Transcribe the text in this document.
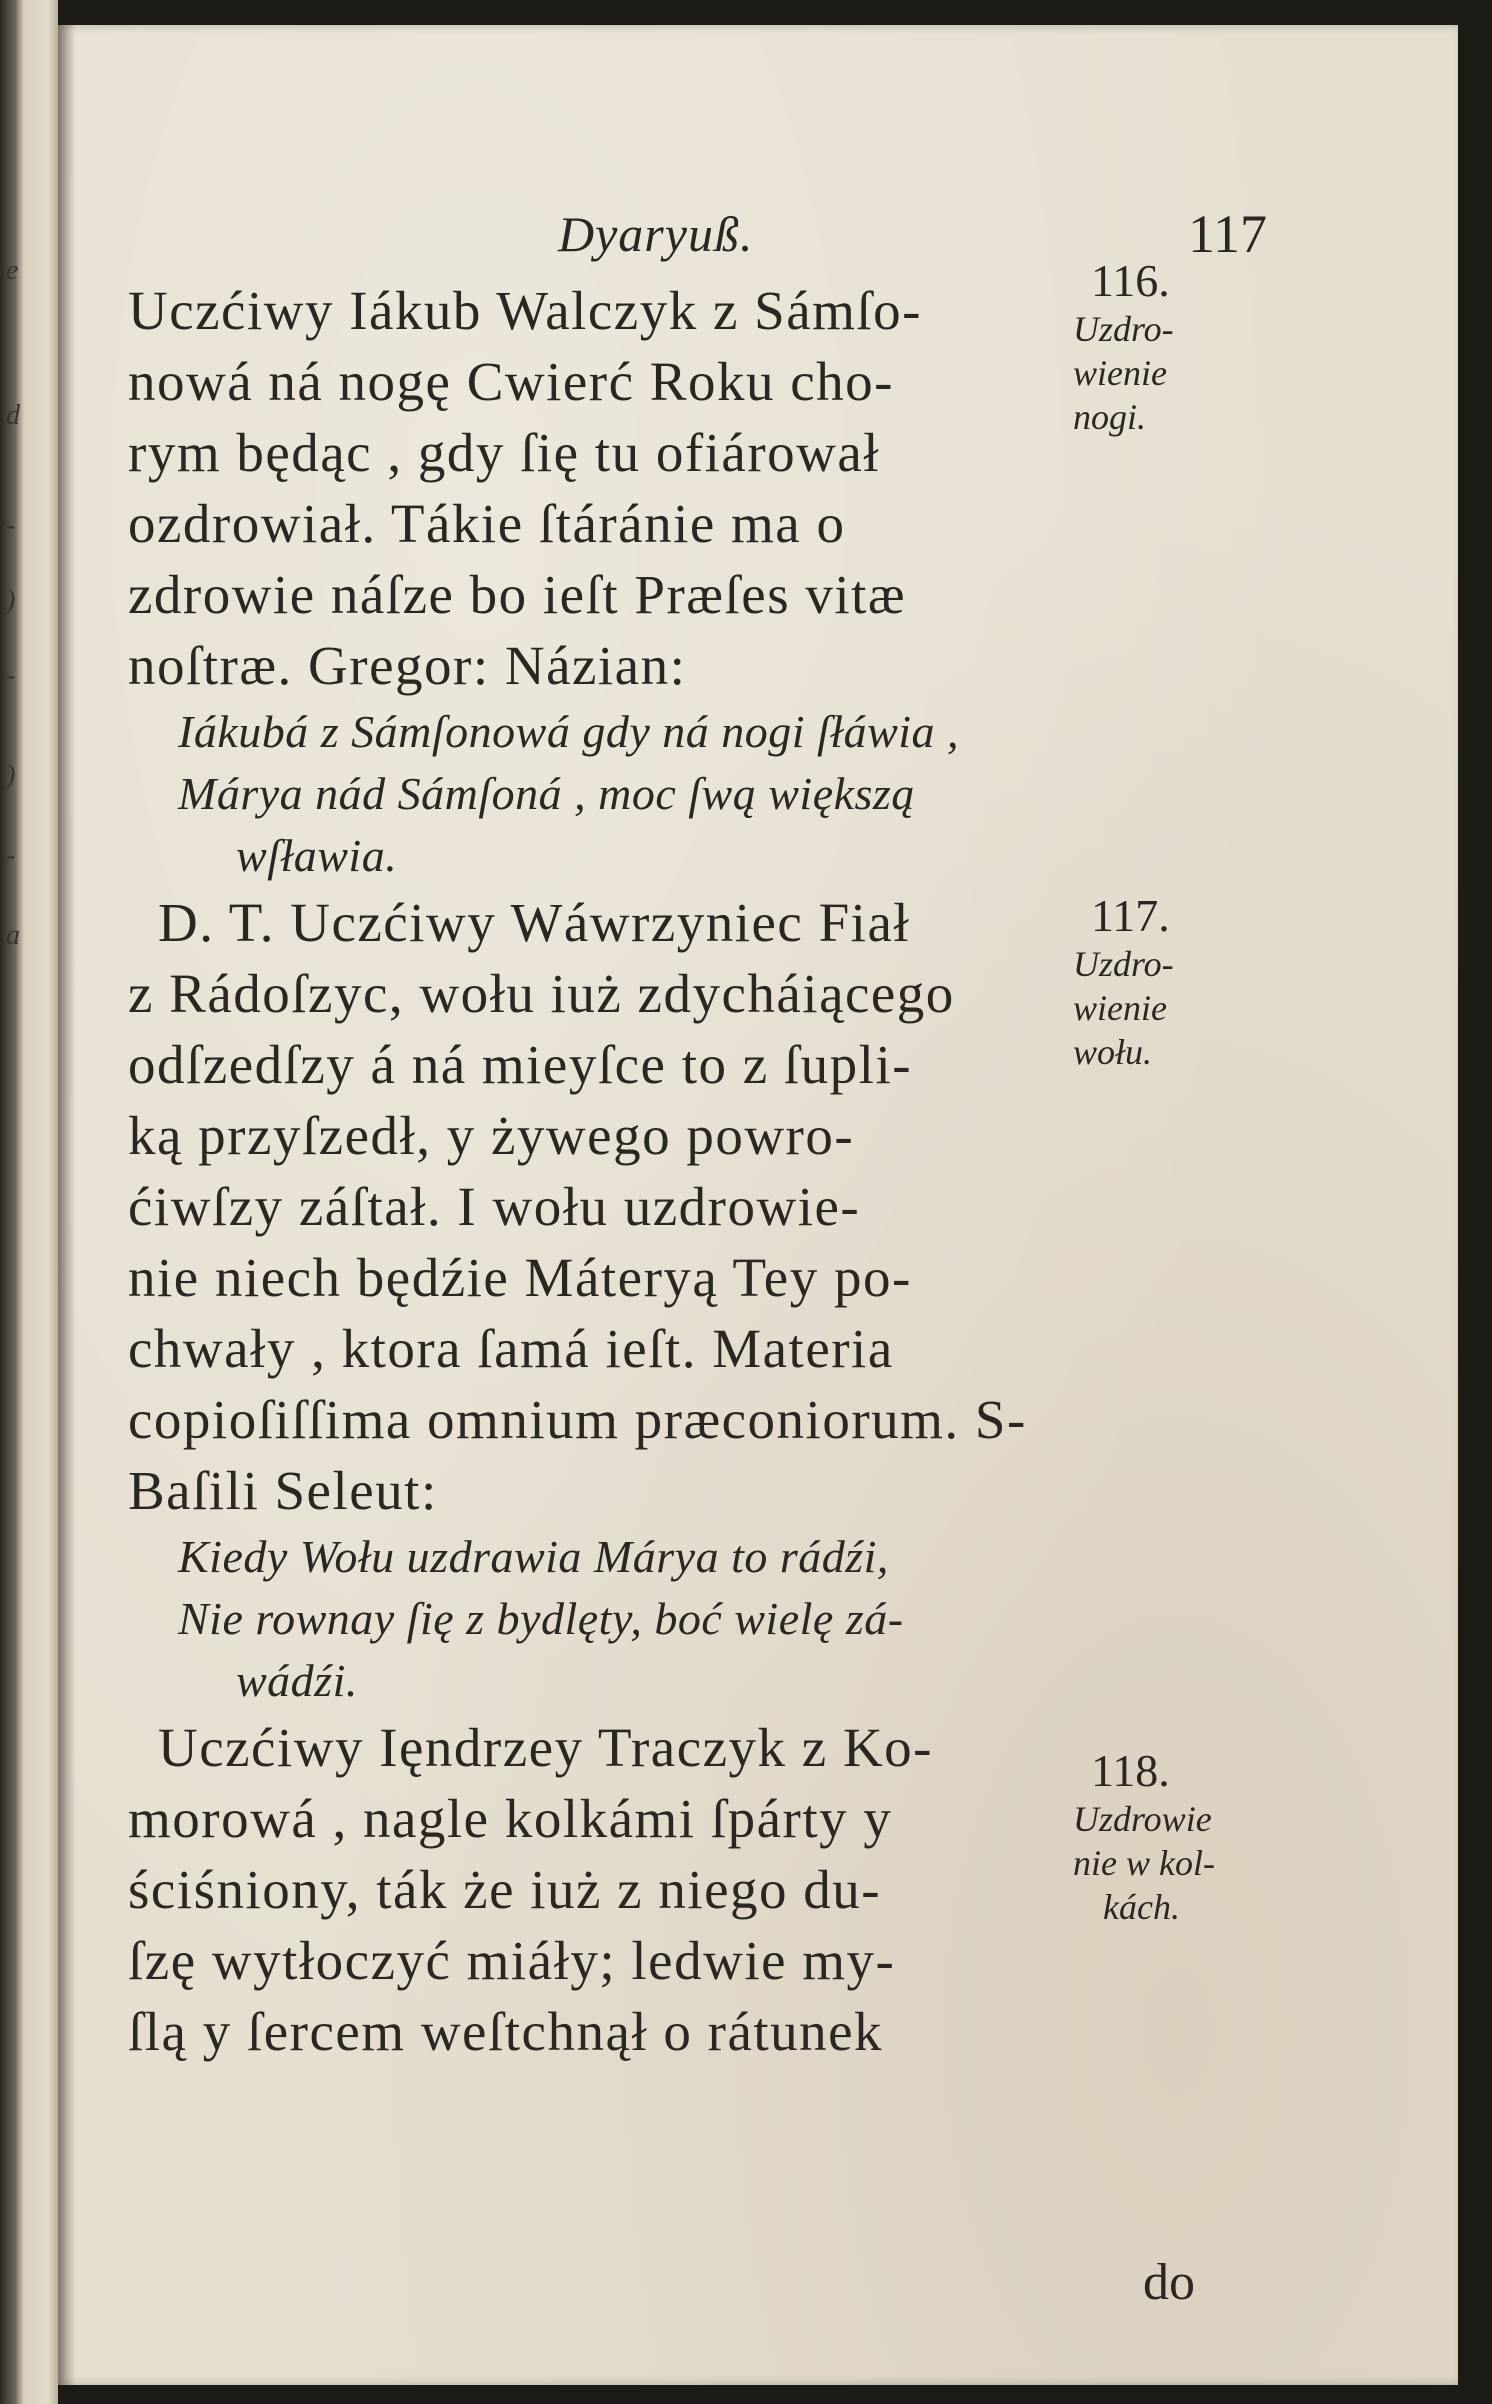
e
d
-
)
-
)
-
a
Dyaryuß.	117
Uczćiwy Iákub Walczyk z Sámſo-
nowá ná nogę Cwierć Roku cho-
rym będąc , gdy ſię tu ofiárował
ozdrowiał. Tákie ſtáránie ma o
zdrowie náſze bo ieſt Præſes vitæ
noſtræ. Gregor: Názian:
Iákubá z Sámſonowá gdy ná nogi ſłáwia ,
Márya nád Sámſoná , moc ſwą większą
wſławia.
D. T. Uczćiwy Wáwrzyniec Fiał
z Rádoſzyc, wołu iuż zdycháiącego
odſzedſzy á ná mieyſce to z ſupli-
ką przyſzedł, y żywego powro-
ćiwſzy záſtał. I wołu uzdrowie-
nie niech będźie Máteryą Tey po-
chwały , ktora ſamá ieſt. Materia
copioſiſſima omnium præconiorum. S-
Baſili Seleut:
Kiedy Wołu uzdrawia Márya to rádźi,
Nie rownay ſię z bydlęty, boć wielę zá-
wádźi.
Uczćiwy Ięndrzey Traczyk z Ko-
morowá , nagle kolkámi ſpárty y
ściśniony, ták że iuż z niego du-
ſzę wytłoczyć miáły; ledwie my-
ſlą y ſercem weſtchnął o rátunek
116.
Uzdro-
wienie
nogi.
117.
Uzdro-
wienie
wołu.
118.
Uzdrowie
nie w kol-
kách.
do
